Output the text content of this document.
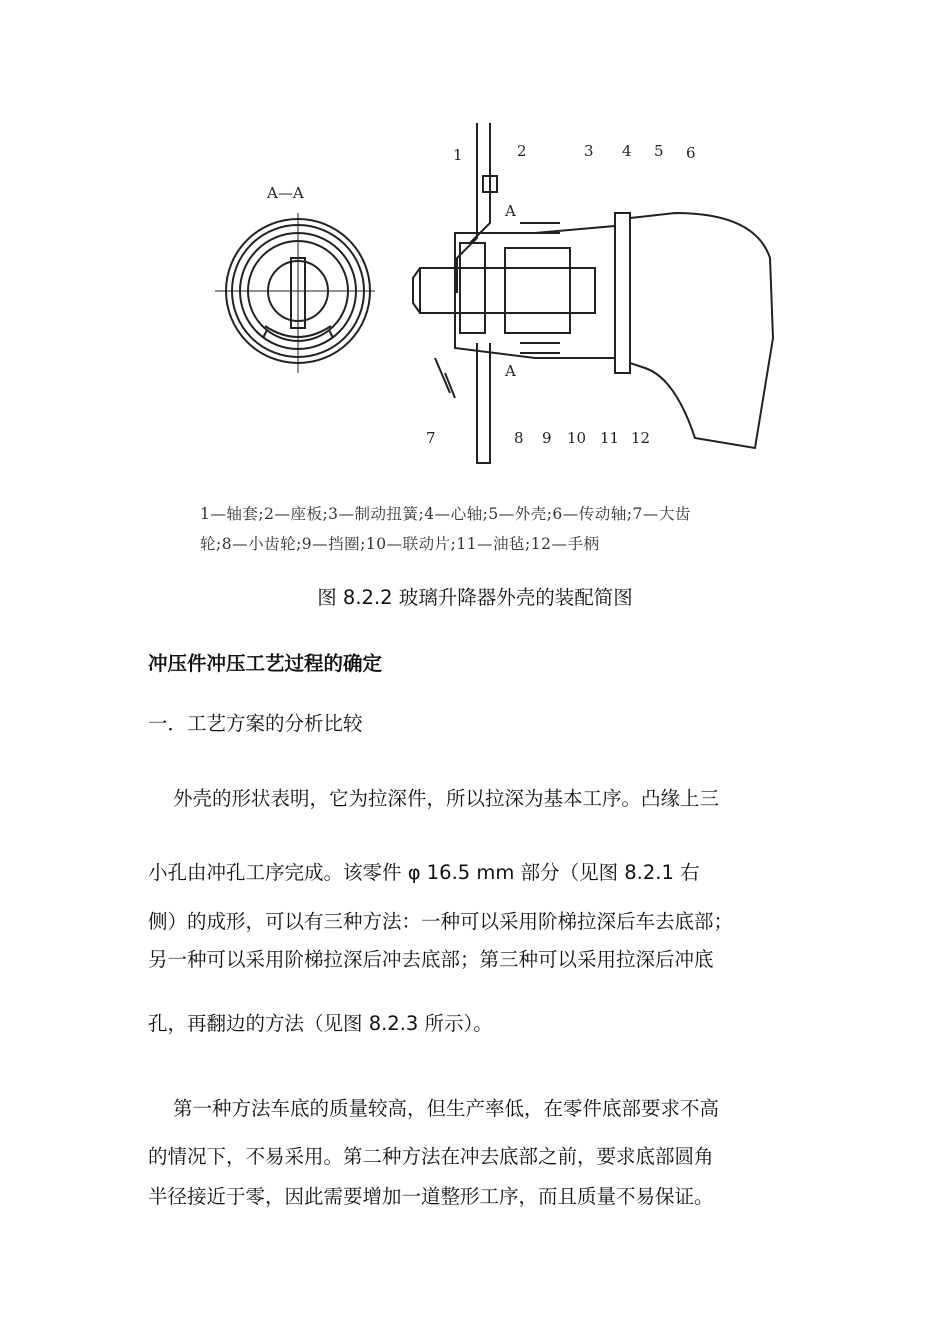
A—A
1	2	3 4 5 6
7	8 9 10 11 12
A
A
1—轴套;2—座板;3—制动扭簧;4—心轴;5—外壳;6—传动轴;7—大齿
轮;8—小齿轮;9—挡圈;10—联动片;11—油毡;12—手柄
图 8.2.2 玻璃升降器外壳的装配简图
冲压件冲压工艺过程的确定
一．工艺方案的分析比较
外壳的形状表明，它为拉深件，所以拉深为基本工序。凸缘上三
小孔由冲孔工序完成。该零件 φ 16.5 mm 部分（见图 8.2.1 右
侧）的成形，可以有三种方法：一种可以采用阶梯拉深后车去底部；
另一种可以采用阶梯拉深后冲去底部；第三种可以采用拉深后冲底
孔，再翻边的方法（见图 8.2.3 所示）。
第一种方法车底的质量较高，但生产率低，在零件底部要求不高
的情况下，不易采用。第二种方法在冲去底部之前，要求底部圆角
半径接近于零，因此需要增加一道整形工序，而且质量不易保证。
